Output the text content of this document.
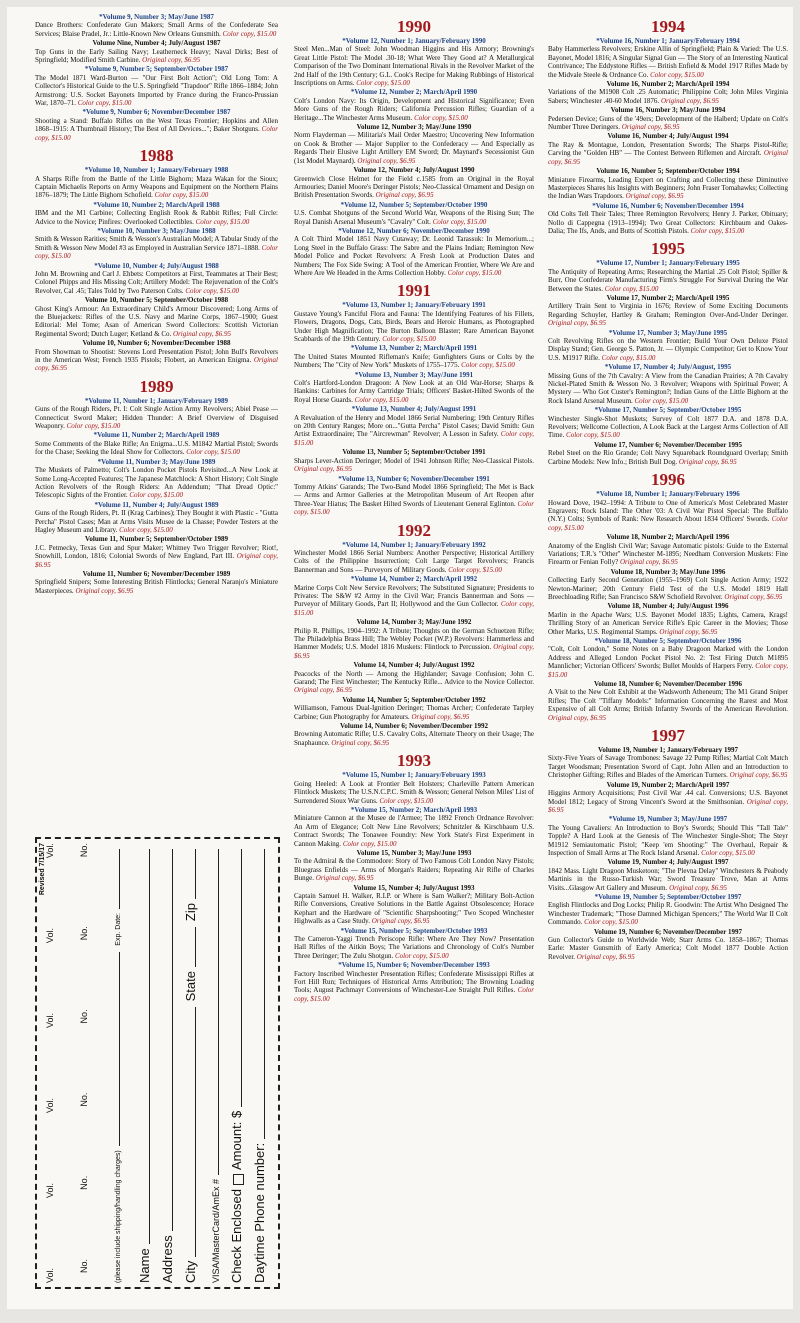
*Volume 9, Number 3; May/June 1987
Dance Brothers: Confederate Gun Makers; Small Arms of the Confederate Sea Services; Blaise Pradel, Jr.: Little-Known New Orleans Gunsmith. Color copy, $15.00
Volume Nine, Number 4; July/August 1987
Top Guns in the Early Sailing Navy; Leatherneck Heavy; Naval Dirks; Best of Springfield; Modified Smith Carbine. Original copy, $6.95
*Volume 9, Number 5; September/October 1987
The Model 1871 Ward-Burton — "Our First Bolt Action"; Old Long Tom: A Collector's Historical Guide to the U.S. Springfield "Trapdoor" Rifle 1866–1884; John Armstrong: U.S. Socket Bayonets Imported by France during the Franco-Prussian War, 1870–71. Color copy, $15.00
*Volume 9, Number 6; November/December 1987
Shooting a Stand: Buffalo Rifles on the West Texas Frontier; Hopkins and Allen 1868–1915: A Thumbnail History; The Best of All Devices..."; Baker Shotguns. Color copy, $15.00
1988
*Volume 10, Number 1; January/February 1988
A Sharps Rifle from the Battle of the Little Bighorn; Maza Wakan for the Sioux; Captain Michaelis Reports on Army Weapons and Equipment on the Northern Plains 1876–1879; The Little Bighorn Schofield. Color copy, $15.00
*Volume 10, Number 2; March/April 1988
IBM and the M1 Carbine; Collecting English Rook & Rabbit Rifles; Full Circle: Advice to the Novice; Pinfires: Overlooked Collectibles. Color copy, $15.00
*Volume 10, Number 3; May/June 1988
Smith & Wesson Rarities; Smith & Wesson's Australian Model; A Tabular Study of the Smith & Wesson New Model #3 as Employed in Australian Service 1871–1888. Color copy, $15.00
*Volume 10, Number 4; July/August 1988
John M. Browning and Carl J. Ehbets: Competitors at First, Teammates at Their Best; Colonel Phipps and His Missing Colt; Artillery Model: The Rejuvenation of the Colt's Revolver, Cal .45; Tales Told by Two Paterson Colts. Color copy, $15.00
Volume 10, Number 5; September/October 1988
Ghost King's Armour: An Extraordinary Child's Armour Discovered; Long Arms of the Bluejackets: Rifles of the U.S. Navy and Marine Corps, 1867–1900; Guest Editorial: Mel Tome; Asan of American Sword Collectors: Scottish Victorian Regimental Sword; Dutch Luger; Ketland & Co. Original copy, $6.95
Volume 10, Number 6; November/December 1988
From Showman to Shootist: Stevens Lord Presentation Pistol; John Bull's Revolvers in the American West; French 1935 Pistols; Flobert, an American Enigma. Original copy, $6.95
1989
*Volume 11, Number 1; January/February 1989
Guns of the Rough Riders, Pt. I: Colt Single Action Army Revolvers; Abiel Pease — Connecticut Sword Maker; Hidden Thunder: A Brief Overview of Disguised Weaponry. Color copy, $15.00
*Volume 11, Number 2; March/April 1989
Some Comments of the Blake Rifle; An Enigma...U.S. M1842 Martial Pistol; Swords for the Chase; Seeking the Ideal Show for Collectors. Color copy, $15.00
*Volume 11, Number 3; May/June 1989
The Muskets of Palmetto; Colt's London Pocket Pistols Revisited...A New Look at Some Long-Accepted Features; The Japanese Matchlock: A Short History; Colt Single Action Revolvers of the Rough Riders: An Addendum; "That Dread Optic:" Telescopic Sights of the Frontier. Color copy, $15.00
*Volume 11, Number 4; July/August 1989
Guns of the Rough Riders, Pt. II (Krag Carbines); They Bought it with Plastic - "Gutta Percha" Pistol Cases; Man at Arms Visits Musee de la Chasse; Powder Testers at the Hagley Museum and Library. Color copy, $15.00
Volume 11, Number 5; September/October 1989
J.C. Petmecky, Texas Gun and Spur Maker; Whitney Two Trigger Revolver; Riot!, Snowhill, London, 1816; Colonial Swords of New England, Part III. Original copy, $6.95
Volume 11, Number 6; November/December 1989
Springfield Snipers; Some Interesting British Flintlocks; General Naranjo's Miniature Masterpieces. Original copy, $6.95
1990
*Volume 12, Number 1; January/February 1990
Steel Men...Man of Steel: John Woodman Higgins and His Armory; Browning's Great Little Pistol: The Model .30-18; What Were They Good at? A Metallurgical Comparison of the Two Dominant International Rivals in the Revolver Market of the 2nd Half of the 19th Century; G.L. Cook's Recipe for Making Rubbings of Historical Inscriptions on Arms. Color copy, $15.00
*Volume 12, Number 2; March/April 1990
Colt's London Navy: Its Origin, Development and Historical Significance; Even More Guns of the Rough Riders; California Percussion Rifles; Guardian of a Heritage...The Winchester Arms Museum. Color copy, $15.00
Volume 12, Number 3; May/June 1990
Norm Flayderman — Militaria's Mail Order Maestro; Uncovering New Information on Cook & Brother — Major Supplier to the Confederacy — And Especially as Regards Their Elusive Light Artillery EM Sword; Dr. Maynard's Secessionist Gun (1st Model Maynard). Original copy, $6.95
Volume 12, Number 4; July/August 1990
Greenwich Close Helmet for the Field c.1585 from an Original in the Royal Armouries; Daniel Moore's Deringer Pistols; Neo-Classical Ornament and Design on British Presentation Swords. Original copy, $6.95
*Volume 12, Number 5; September/October 1990
U.S. Combat Shotguns of the Second World War, Weapons of the Rising Sun; The Royal Danish Arsenal Museum's "Cavalry" Colt. Color copy, $15.00
*Volume 12, Number 6; November/December 1990
A Colt Third Model 1851 Navy Cutaway; Dr. Leonid Tarassuk: In Memorium...; Long Steel in the Buffalo Grass: The Sabre and the Plains Indian; Remington New Model Police and Pocket Revolvers: A Fresh Look at Production Dates and Numbers; The Fox Side Swing: A Tool of the American Frontier, Where We Are and Where Are We Headed in the Arms Collection Hobby. Color copy, $15.00
1991
*Volume 13, Number 1; January/February 1991
Gustave Young's Fanciful Flora and Fauna: The Identifying Features of his Fillets, Flowers, Dragons, Dogs, Cats, Birds, Bears and Heroic Humans, as Photographed Under High Magnification; The Burton Balloon Blaster; Rare American Bayonet Scabbards of the 19th Century. Color copy, $15.00
*Volume 13, Number 2; March/April 1991
The United States Mounted Rifleman's Knife; Gunfighters Guns or Colts by the Numbers; The "City of New York" Muskets of 1755–1775. Color copy, $15.00
*Volume 13, Number 3; May/June 1991
Colt's Hartford-London Dragoon: A New Look at an Old War-Horse; Sharps & Hankins: Carbines for Army Cartridge Trials; Officers' Basket-Hilted Swords of the Royal Horse Guards. Color copy, $15.00
*Volume 13, Number 4; July/August 1991
A Revaluation of the Henry and Model 1866 Serial Numbering; 19th Century Rifles on 20th Century Ranges; More on..."Gutta Percha" Pistol Cases; David Smith: Gun Artist Extraordinaire; The "Aircrewman" Revolver; A Lesson in Safety. Color copy, $15.00
Volume 13, Number 5; September/October 1991
Sharps Lever-Action Deringer; Model of 1941 Johnson Rifle; Neo-Classical Pistols. Original copy, $6.95
*Volume 13, Number 6; November/December 1991
Tommy Atkins' Garands; The Two-Band Model 1866 Springfield; The Met is Back — Arms and Armor Galleries at the Metropolitan Museum of Art Reopen after Three-Year Hiatus; The Basket Hilted Swords of Lieutenant General Eglinton. Color copy, $15.00
1992
*Volume 14, Number 1; January/February 1992
Winchester Model 1866 Serial Numbers: Another Perspective; Historical Artillery Colts of the Philippine Insurrection; Colt Large Target Revolvers; Francis Bannerman and Sons — Purveyors of Military Goods. Color copy, $15.00
*Volume 14, Number 2; March/April 1992
Marine Corps Colt New Service Revolvers; The Substituted Signature; Presidents to Privates: The S&W #2 Army in the Civil War; Francis Bannerman and Sons — Purveyor of Military Goods, Part II; Hollywood and the Gun Collector. Color copy, $15.00
Volume 14, Number 3; May/June 1992
Philip R. Phillips, 1904–1992: A Tribute; Thoughts on the German Schuetzen Rifle; The Philadelphia Brass Hill; The Webley Pocket (W.P.) Revolvers: Hammerless and Hammer Models; U.S. Model 1816 Muskets: Flintlock to Percussion. Original copy, $6.95
Volume 14, Number 4; July/August 1992
Peacocks of the North — Among the Highlander; Savage Confusion; John C. Garand; The First Winchester; The Kentucky Rifle... Advice to the Novice Collector. Original copy, $6.95
Volume 14, Number 5; September/October 1992
Williamson, Famous Dual-Ignition Deringer; Thomas Archer; Confederate Tarpley Carbine; Gun Photography for Amateurs. Original copy, $6.95
Volume 14, Number 6; November/December 1992
Browning Automatic Rifle; U.S. Cavalry Colts, Alternate Theory on their Usage; The Snaphaunce. Original copy, $6.95
1993
*Volume 15, Number 1; January/February 1993
Going Heeled: A Look at Frontier Belt Holsters; Charleville Pattern American Flintlock Muskets; The U.S.N.C.P.C. Smith & Wesson; General Nelson Miles' List of Surrendered Sioux War Guns. Color copy, $15.00
*Volume 15, Number 2; March/April 1993
Miniature Cannon at the Musee de l'Armee; The 1892 French Ordnance Revolver: An Arm of Elegance; Colt New Line Revolvers; Schnitzler & Kirschbaum U.S. Contract Swords; The Tonawee Foundry: New York State's First Experiment in Cannon Making. Color copy, $15.00
Volume 15, Number 3; May/June 1993
To the Admiral & the Commodore: Story of Two Famous Colt London Navy Pistols; Bluegrass Enfields — Arms of Morgan's Raiders; Repeating Air Rifle of Charles Bunge. Original copy, $6.95
Volume 15, Number 4; July/August 1993
Captain Samuel H. Walker, R.I.P. or Where is Sam Walker?; Military Bolt-Action Rifle Conversions, Creative Solutions in the Battle Against Obsolescence; Horace Kephart and the Hardware of "Scientific Sharpshooting;" Two Scoped Winchester Highwalls as a Case Study. Original copy, $6.95
*Volume 15, Number 5; September/October 1993
The Cameron-Yaggi Trench Periscope Rifle: Where Are They Now? Presentation Hall Rifles of the Aitkin Boys; The Variations and Chronology of Colt's Number Three Deringer; The Zulu Shotgun. Color copy, $15.00
*Volume 15, Number 6; November/December 1993
Factory Inscribed Winchester Presentation Rifles; Confederate Mississippi Rifles at Fort Hill Run; Techniques of Historical Arms Attribution; The Browning Loading Tools; August Pachmayr Conversions of Winchester-Lee Straight Pull Rifles. Color copy, $15.00
1994
*Volume 16, Number 1; January/February 1994
Baby Hammerless Revolvers; Erskine Allin of Springfield; Plain & Varied: The U.S. Bayonet, Model 1816; A Singular Signal Gun — The Story of an Interesting Nautical Contrivance; The Eddystone Rifles — British Enfield & Model 1917 Rifles Made by the Midvale Steele & Ordnance Co. Color copy, $15.00
Volume 16, Number 2; March/April 1994
Variations of the M1908 Colt .25 Automatic; Philippine Colt; John Miles Virginia Sabers; Winchester .40-60 Model 1876. Original copy, $6.95
Volume 16, Number 3; May/June 1994
Pedersen Device; Guns of the '49ers; Development of the Halberd; Update on Colt's Number Three Deringers. Original copy, $6.95
Volume 16, Number 4; July/August 1994
The Ray & Montague, London, Presentation Swords; The Sharps Pistol-Rifle; Carving the "Golden HB" — The Contest Between Riflemen and Aircraft. Original copy, $6.95
Volume 16, Number 5; September/October 1994
Miniature Firearms, Leading Expert on Crafting and Collecting these Diminutive Masterpieces Shares his Insights with Beginners; John Fraser Tomahawks; Collecting the Indian Wars Trapdoors. Original copy, $6.95
*Volume 16, Number 6; November/December 1994
Old Colts Tell Their Tales; Three Remington Revolvers; Henry J. Parker, Obituary; Nollo di Cappegna (1913–1994); Two Great Collectors: Kirchbaum and Oakes-Dalia; The Ifs, Ands, and Butts of Scottish Pistols. Color copy, $15.00
1995
*Volume 17, Number 1; January/February 1995
The Antiquity of Repeating Arms; Researching the Martial .25 Colt Pistol; Spiller & Burr, One Confederate Manufacturing Firm's Struggle For Survival During the War Between the States. Color copy, $15.00
Volume 17, Number 2; March/April 1995
Artillery Train Sent to Virginia in 1676; Review of Some Exciting Documents Regarding Schuyler, Hartley & Graham; Remington Over-And-Under Deringer. Original copy, $6.95
*Volume 17, Number 3; May/June 1995
Colt Revolving Rifles on the Western Frontier; Build Your Own Deluxe Pistol Display Stand; Gen. George S. Patton, Jr. — Olympic Competitor; Get to Know Your U.S. M1917 Rifle. Color copy, $15.00
*Volume 17, Number 4; July/August, 1995
Missing Guns of the 7th Cavalry: A View from the Canadian Prairies; A 7th Cavalry Nickel-Plated Smith & Wesson No. 3 Revolver; Weapons with Spiritual Power; A Mystery — Who Got Custer's Remington?; Indian Guns of the Little Bighorn at the Rock Island Arsenal Museum. Color copy, $15.00
*Volume 17, Number 5; September/October 1995
Winchester Single-Shot Muskets; Survey of Colt 1877 D.A. and 1878 D.A. Revolvers; Wellcome Collection, A Look Back at the Largest Arms Collection of All Time. Color copy, $15.00
Volume 17, Number 6; November/December 1995
Rebel Steel on the Rio Grande; Colt Navy Squareback Roundguard Overlap; Smith Carbine Models: New Info.; British Bull Dog. Original copy, $6.95
1996
*Volume 18, Number 1; January/February 1996
Howard Dove, 1942–1994: A Tribute to One of America's Most Celebrated Master Engravers; Rock Island: The Other '03: A Civil War Pistol Special: The Buffalo (N.Y.) Colts; Symbols of Rank: New Research About 1834 Officers' Swords. Color copy, $15.00
Volume 18, Number 2; March/April 1996
Anatomy of the English Civil War; Savage Automatic pistols: Guide to the External Variations; T.R.'s "Other" Winchester M-1895; Needham Conversion Muskets: Fine Firearm or Fenian Folly? Original copy, $6.95
Volume 18, Number 3; May/June 1996
Collecting Early Second Generation (1955–1969) Colt Single Action Army; 1922 Newton-Mariner; 20th Century Field Test of the U.S. Model 1819 Hall Breechloading Rifle; San Francisco S&W Schofield Revolver. Original copy, $6.95
Volume 18, Number 4; July/August 1996
Marlin in the Apache Wars; U.S. Bayonet Model 1835; Lights, Camera, Krags! Thrilling Story of an American Service Rifle's Epic Career in the Movies; Those Other Marks, U.S. Regimental Stamps. Original copy, $6.95
*Volume 18, Number 5; September/October 1996
"Colt, Colt London," Some Notes on a Baby Dragoon Marked with the London Address and Alleged London Pocket Pistol No. 2: Test Firing Dutch M1895 Mannlicher; Victorian Officers' Swords; Bullet Moulds of Harpers Ferry. Color copy, $15.00
Volume 18, Number 6; November/December 1996
A Visit to the New Colt Exhibit at the Wadsworth Atheneum; The M1 Grand Sniper Rifles; The Colt "Tiffany Models:" Information Concerning the Rarest and Most Expensive of all Colt Arms; British Infantry Swords of the American Revolution. Original copy, $6.95
1997
Volume 19, Number 1; January/February 1997
Sixty-Five Years of Savage Trombones: Savage 22 Pump Rifles; Martial Colt Match Target Woodsman; Presentation Sword of Capt. John Allen and an Introduction to Christopher Gifting; Rifles and Blades of the American Turners. Original copy, $6.95
Volume 19, Number 2; March/April 1997
Higgins Armory Acquisitions; Post Civil War .44 cal. Conversions; U.S. Bayonet Model 1812; Legacy of Strong Vincent's Sword at the Smithsonian. Original copy, $6.95
*Volume 19, Number 3; May/June 1997
The Young Cavaliers: An Introduction to Boy's Swords; Should This "Tall Tale" Topple? A Hard Look at the Genesis of The Winchester Single-Shot; The Steyr M1912 Semiautomatic Pistol; "Keep 'em Shooting:" The Overhaul, Repair & Inspection of Small Arms at The Rock Island Arsenal. Color copy, $15.00
Volume 19, Number 4; July/August 1997
1842 Mass. Light Dragoon Musketoon; "The Plevna Delay" Winchesters & Peabody Martinis in the Russo-Turkish War; Sword Treasure Trove, Man at Arms Visits...Glasgow Art Gallery and Museum. Original copy, $6.95
*Volume 19, Number 5; September/October 1997
English Flintlocks and Dog Locks; Philip R. Goodwin: The Artist Who Designed The Winchester Trademark; "Those Damned Michigan Spencers;" The World War II Colt Commando. Color copy, $15.00
Volume 19, Number 6; November/December 1997
Gun Collector's Guide to Worldwide Web; Starr Arms Co. 1858–1867; Thomas Earle: Master Gunsmith of Early America; Colt Model 1877 Double Action Revolver. Original copy, $6.95
Revised 7/15/17
Vol.
Vol.
Vol.
Vol.
Vol.
Vol.
No.
No.
No.
No.
No.
No.
(please include shipping/handling charges)
Exp. Date:
Name Address City
State
Zip
VISA/MasterCard/AmEx # Check Enclosed
Amount: $
Daytime Phone number:
